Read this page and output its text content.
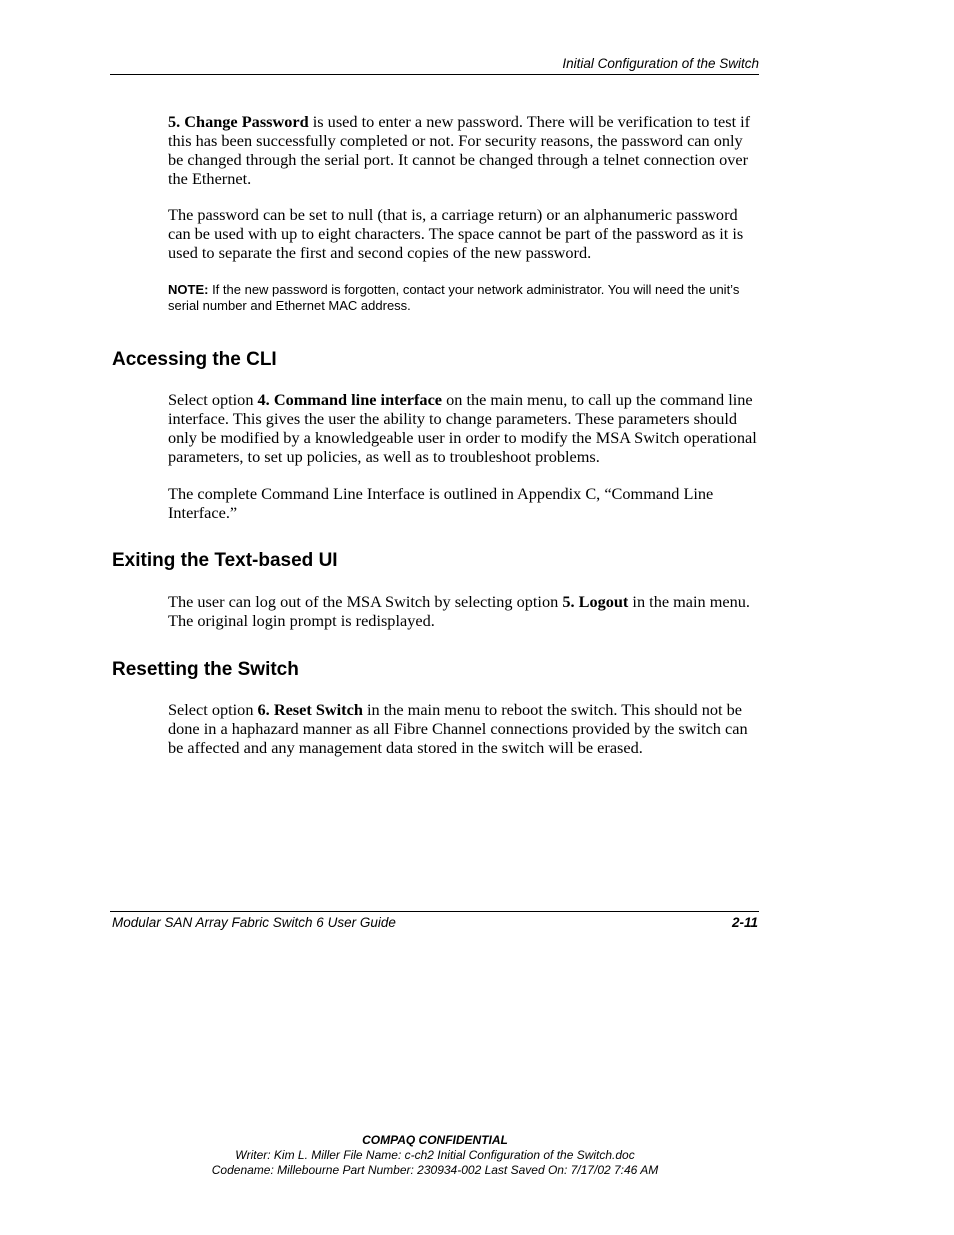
Initial Configuration of the Switch

5. Change Password is used to enter a new password. There will be verification to test if this has been successfully completed or not. For security reasons, the password can only be changed through the serial port. It cannot be changed through a telnet connection over the Ethernet.

The password can be set to null (that is, a carriage return) or an alphanumeric password can be used with up to eight characters. The space cannot be part of the password as it is used to separate the first and second copies of the new password.

NOTE: If the new password is forgotten, contact your network administrator. You will need the unit’s serial number and Ethernet MAC address.

Accessing the CLI

Select option 4. Command line interface on the main menu, to call up the command line interface. This gives the user the ability to change parameters. These parameters should only be modified by a knowledgeable user in order to modify the MSA Switch operational parameters, to set up policies, as well as to troubleshoot problems.

The complete Command Line Interface is outlined in Appendix C, “Command Line Interface.”

Exiting the Text-based UI

The user can log out of the MSA Switch by selecting option 5. Logout in the main menu. The original login prompt is redisplayed.

Resetting the Switch

Select option 6. Reset Switch in the main menu to reboot the switch. This should not be done in a haphazard manner as all Fibre Channel connections provided by the switch can be affected and any management data stored in the switch will be erased.

Modular SAN Array Fabric Switch 6 User Guide	2-11
COMPAQ CONFIDENTIAL
Writer: Kim L. Miller File Name: c-ch2 Initial Configuration of the Switch.doc
Codename: Millebourne Part Number: 230934-002 Last Saved On: 7/17/02 7:46 AM
